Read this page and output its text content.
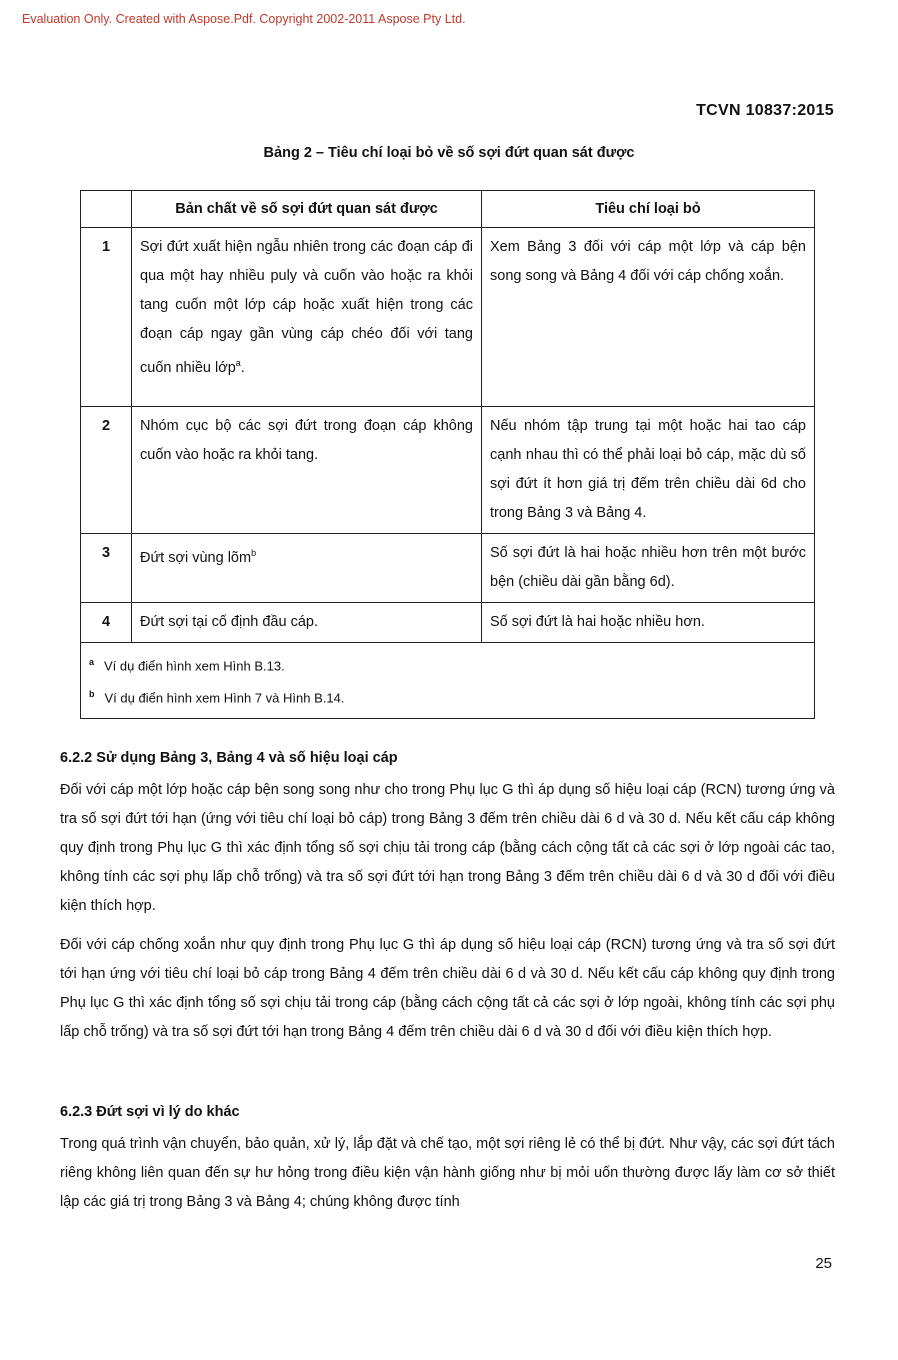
Evaluation Only. Created with Aspose.Pdf. Copyright 2002-2011 Aspose Pty Ltd.
TCVN 10837:2015
Bảng 2 – Tiêu chí loại bỏ về số sợi đứt quan sát được
	Bản chất về số sợi đứt quan sát được	Tiêu chí loại bỏ
1	Sợi đứt xuất hiện ngẫu nhiên trong các đoạn cáp đi qua một hay nhiều puly và cuốn vào hoặc ra khỏi tang cuốn một lớp cáp hoặc xuất hiện trong các đoạn cáp ngay gần vùng cáp chéo đối với tang cuốn nhiều lớp$^a$.	Xem Bảng 3 đối với cáp một lớp và cáp bện song song và Bảng 4 đối với cáp chống xoắn.
2	Nhóm cục bộ các sợi đứt trong đoạn cáp không cuốn vào hoặc ra khỏi tang.	Nếu nhóm tập trung tại một hoặc hai tao cáp cạnh nhau thì có thể phải loại bỏ cáp, mặc dù số sợi đứt ít hơn giá trị đếm trên chiều dài 6d cho trong Bảng 3 và Bảng 4.
3	Đứt sợi vùng lõm$^b$	Số sợi đứt là hai hoặc nhiều hơn trên một bước bện (chiều dài gần bằng 6d).
4	Đứt sợi tại cố định đầu cáp.	Số sợi đứt là hai hoặc nhiều hơn.

$^a$ Ví dụ điển hình xem Hình B.13.
$^b$ Ví dụ điển hình xem Hình 7 và Hình B.14.		
6.2.2 Sử dụng Bảng 3, Bảng 4 và số hiệu loại cáp

Đối với cáp một lớp hoặc cáp bện song song như cho trong Phụ lục G thì áp dụng số hiệu loại cáp (RCN) tương ứng và tra số sợi đứt tới hạn (ứng với tiêu chí loại bỏ cáp) trong Bảng 3 đếm trên chiều dài 6 d và 30 d. Nếu kết cấu cáp không quy định trong Phụ lục G thì xác định tổng số sợi chịu tải trong cáp (bằng cách cộng tất cả các sợi ở lớp ngoài các tao, không tính các sợi phụ lấp chỗ trống) và tra số sợi đứt tới hạn trong Bảng 3 đếm trên chiều dài 6 d và 30 d đối với điều kiện thích hợp.

Đối với cáp chống xoắn như quy định trong Phụ lục G thì áp dụng số hiệu loại cáp (RCN) tương ứng và tra số sợi đứt tới hạn ứng với tiêu chí loại bỏ cáp trong Bảng 4 đếm trên chiều dài 6 d và 30 d. Nếu kết cấu cáp không quy định trong Phụ lục G thì xác định tổng số sợi chịu tải trong cáp (bằng cách cộng tất cả các sợi ở lớp ngoài, không tính các sợi phụ lấp chỗ trống) và tra số sợi đứt tới hạn trong Bảng 4 đếm trên chiều dài 6 d và 30 d đối với điều kiện thích hợp.

6.2.3 Đứt sợi vì lý do khác

Trong quá trình vận chuyển, bảo quản, xử lý, lắp đặt và chế tạo, một sợi riêng lẻ có thể bị đứt. Như vậy, các sợi đứt tách riêng không liên quan đến sự hư hỏng trong điều kiện vận hành giống như bị mỏi uốn thường được lấy làm cơ sở thiết lập các giá trị trong Bảng 3 và Bảng 4; chúng không được tính

25
